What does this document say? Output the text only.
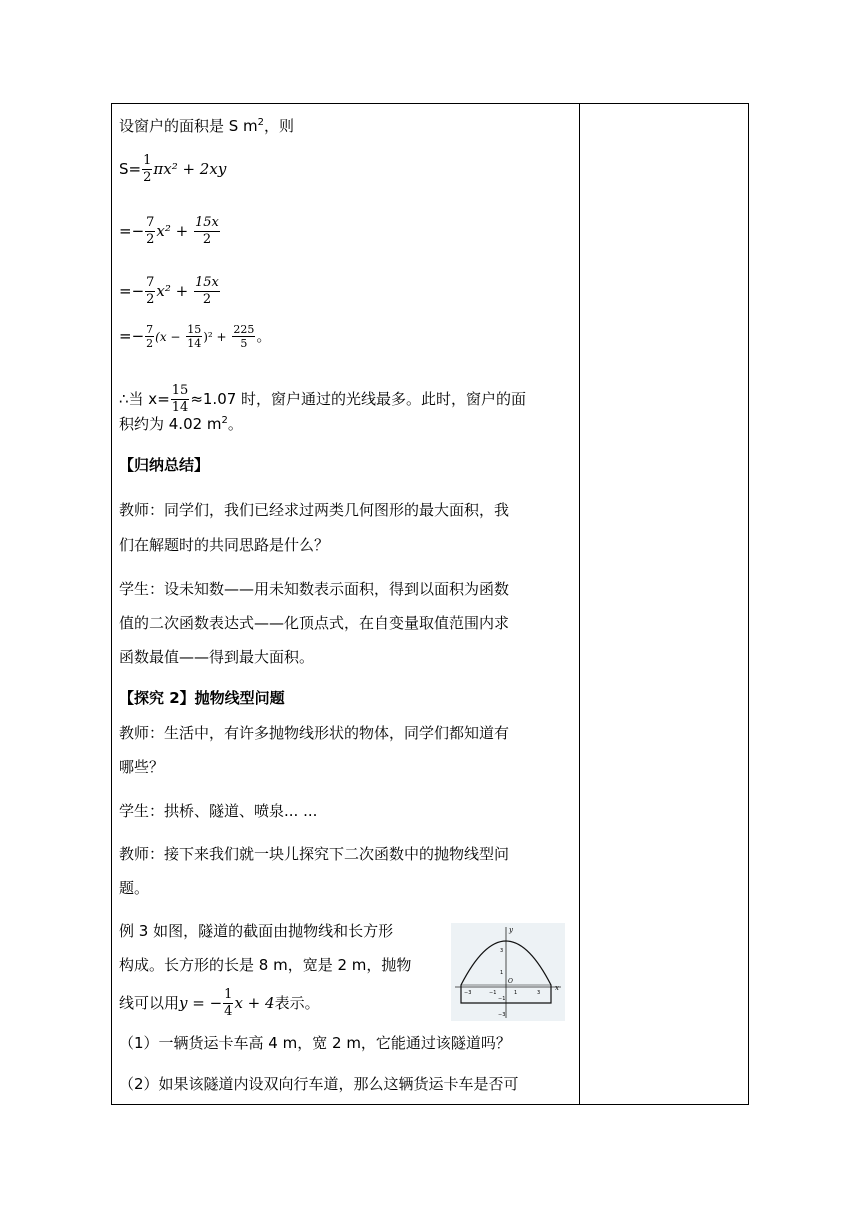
设窗户的面积是 S $m^2$，则
$S= \frac{1}{2} \pi x^2 + 2xy$
=− $\frac{7}{2} x^2 + \frac{15x}{2}$
=− $\frac{7}{2} x^2 + \frac{15x}{2}$
=− $\frac{7}{2} (x - \frac{15}{14} )^2 + \frac{225}{5}$ 。
∴当 $x= \frac{15}{14} \approx 1.07$ 时，窗户通过的光线最多。此时，窗户的面
积约为 4.02 $m^2$。
【归纳总结】
教师：同学们，我们已经求过两类几何图形的最大面积，我
们在解题时的共同思路是什么？
学生：设未知数——用未知数表示面积，得到以面积为函数
值的二次函数表达式——化顶点式，在自变量取值范围内求
函数最值——得到最大面积。
【探究 2】抛物线型问题
教师：生活中，有许多抛物线形状的物体，同学们都知道有
哪些？
学生：拱桥、隧道、喷泉... ...
教师：接下来我们就一块儿探究下二次函数中的抛物线型问
题。
例 3 如图，隧道的截面由抛物线和长方形
构成。长方形的长是 8 m，宽是 2 m，抛物
线可以用y = − $\frac{1}{4}$ x + 4表示。
（1）一辆货运卡车高 4 m，宽 2 m，它能通过该隧道吗？
（2）如果该隧道内设双向行车道，那么这辆货运卡车是否可
x
y
O
−3	−1	1	3
3
1
−1
−3
